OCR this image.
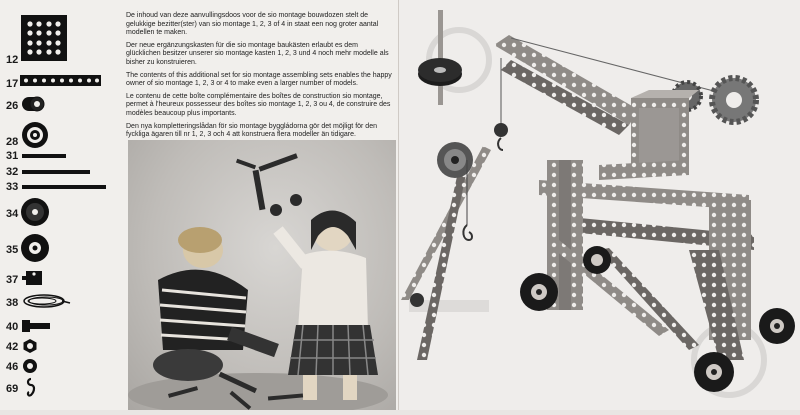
12
17
26
28
31
32
33
34
35
37
38
40
42
46
69

De inhoud van deze aanvullingsdoos voor de sio montage bouwdozen stelt de gelukkige bezitter(ster) van sio montage 1, 2, 3 of 4 in staat een nog groter aantal modellen te maken.

Der neue ergänzungskasten für die sio montage baukästen erlaubt es dem glücklichen besitzer unserer sio montage kasten 1, 2, 3 und 4 noch mehr modelle als bisher zu konstruieren.

The contents of this additional set for sio montage assembling sets enables the happy owner of sio montage 1, 2, 3 or 4 to make even a larger number of models.

Le contenu de cette boîte complémentaire des boîtes de construction sio montage, permet à l'heureux possesseur des boîtes sio montage 1, 2, 3 ou 4, de construire des modèles beaucoup plus importants.

Den nya kompletteringslådan för sio montage byggládorna gör det möjligt för den fyckliga ägaren till nr 1, 2, 3 och 4 att konstruera flera modeller än tidigare.
